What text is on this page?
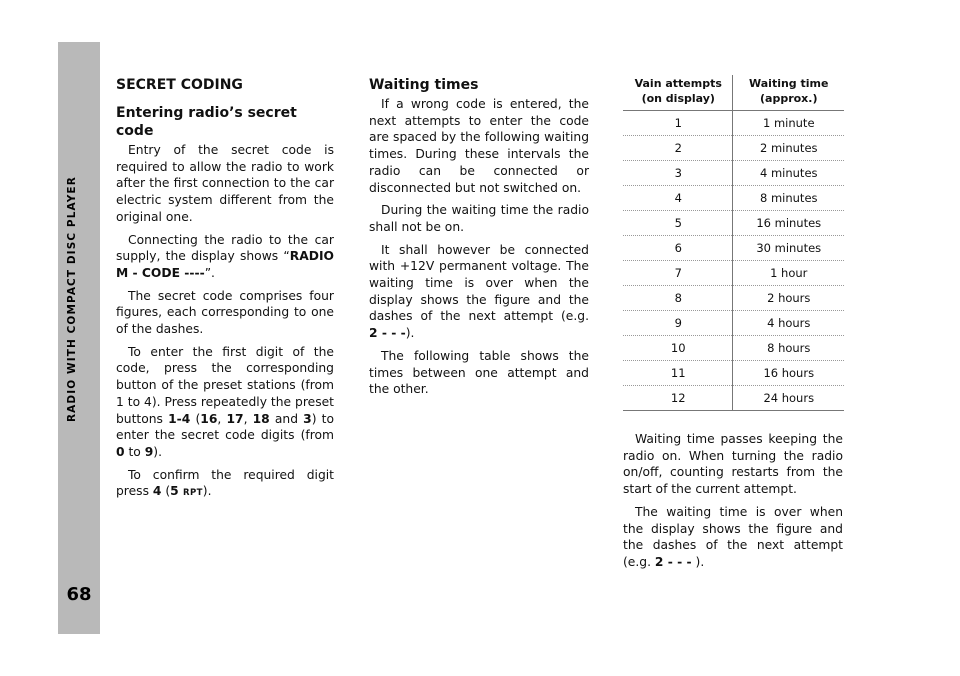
RADIO WITH COMPACT DISC PLAYER
68
SECRET CODING
Entering radio’s secret code

Entry of the secret code is required to allow the radio to work after the first connection to the car electric system different from the original one.

Connecting the radio to the car supply, the display shows “RADIO M - CODE ----”.

The secret code comprises four figures, each corresponding to one of the dashes.

To enter the first digit of the code, press the corresponding button of the preset stations (from 1 to 4). Press repeatedly the preset buttons 1-4 (16, 17, 18 and 3) to enter the secret code digits (from 0 to 9).

To confirm the required digit press 4 (5 RPT).

Waiting times

If a wrong code is entered, the next attempts to enter the code are spaced by the following waiting times. During these intervals the radio can be connected or disconnected but not switched on.

During the waiting time the radio shall not be on.

It shall however be connected with +12V permanent voltage. The waiting time is over when the display shows the figure and the dashes of the next attempt (e.g. 2 - - -).

The following table shows the times between one attempt and the other.

Vain attempts (on display)
Waiting time (approx.)
1	1 minute
2	2 minutes
3	4 minutes
4	8 minutes
5	16 minutes
6	30 minutes
7	1 hour
8	2 hours
9	4 hours
10	8 hours
11	16 hours
12	24 hours

Waiting time passes keeping the radio on. When turning the radio on/off, counting restarts from the start of the current attempt.

The waiting time is over when the display shows the figure and the dashes of the next attempt (e.g. 2 - - - ).
